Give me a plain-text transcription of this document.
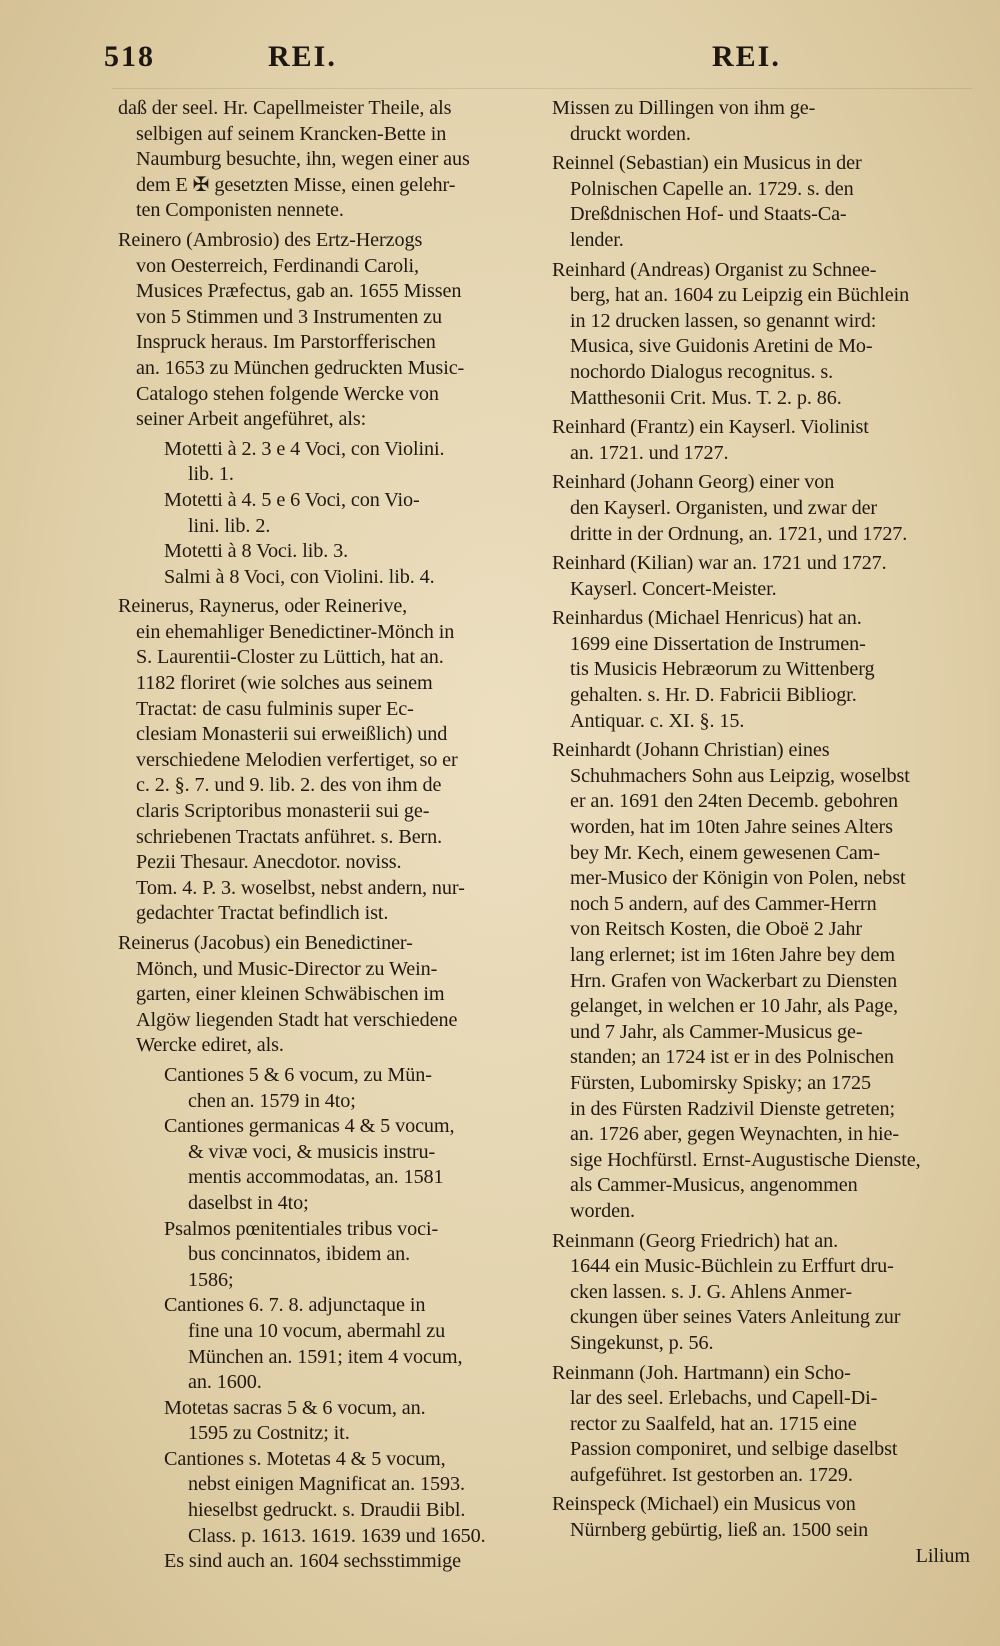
518	REI.	REI.
daß der seel. Hr. Capellmeister Theile, als
selbigen auf seinem Krancken-Bette in
Naumburg besuchte, ihn, wegen einer aus
dem E ✠ gesetzten Misse, einen gelehr-
ten Componisten nennete.
Reinero (Ambrosio) des Ertz-Herzogs
von Oesterreich, Ferdinandi Caroli,
Musices Præfectus, gab an. 1655 Missen
von 5 Stimmen und 3 Instrumenten zu
Inspruck heraus. Im Parstorfferischen
an. 1653 zu München gedruckten Music-
Catalogo stehen folgende Wercke von
seiner Arbeit angeführet, als:
Motetti à 2. 3 e 4 Voci, con Violini.
lib. 1.
Motetti à 4. 5 e 6 Voci, con Vio-
lini. lib. 2.
Motetti à 8 Voci. lib. 3.
Salmi à 8 Voci, con Violini. lib. 4.
Reinerus, Raynerus, oder Reinerive,
ein ehemahliger Benedictiner-Mönch in
S. Laurentii-Closter zu Lüttich, hat an.
1182 floriret (wie solches aus seinem
Tractat: de casu fulminis super Ec-
clesiam Monasterii sui erweißlich) und
verschiedene Melodien verfertiget, so er
c. 2. §. 7. und 9. lib. 2. des von ihm de
claris Scriptoribus monasterii sui ge-
schriebenen Tractats anführet. s. Bern.
Pezii Thesaur. Anecdotor. noviss.
Tom. 4. P. 3. woselbst, nebst andern, nur-
gedachter Tractat befindlich ist.
Reinerus (Jacobus) ein Benedictiner-
Mönch, und Music-Director zu Wein-
garten, einer kleinen Schwäbischen im
Algöw liegenden Stadt hat verschiedene
Wercke ediret, als.
Cantiones 5 & 6 vocum, zu Mün-
chen an. 1579 in 4to;
Cantiones germanicas 4 & 5 vocum,
& vivæ voci, & musicis instru-
mentis accommodatas, an. 1581
daselbst in 4to;
Psalmos pœnitentiales tribus voci-
bus concinnatos, ibidem an.
1586;
Cantiones 6. 7. 8. adjunctaque in
fine una 10 vocum, abermahl zu
München an. 1591; item 4 vocum,
an. 1600.
Motetas sacras 5 & 6 vocum, an.
1595 zu Costnitz; it.
Cantiones s. Motetas 4 & 5 vocum,
nebst einigen Magnificat an. 1593.
hieselbst gedruckt. s. Draudii Bibl.
Class. p. 1613. 1619. 1639 und 1650.
Es sind auch an. 1604 sechsstimmige
Missen zu Dillingen von ihm ge-
druckt worden.
Reinnel (Sebastian) ein Musicus in der
Polnischen Capelle an. 1729. s. den
Dreßdnischen Hof- und Staats-Ca-
lender.
Reinhard (Andreas) Organist zu Schnee-
berg, hat an. 1604 zu Leipzig ein Büchlein
in 12 drucken lassen, so genannt wird:
Musica, sive Guidonis Aretini de Mo-
nochordo Dialogus recognitus. s.
Matthesonii Crit. Mus. T. 2. p. 86.
Reinhard (Frantz) ein Kayserl. Violinist
an. 1721. und 1727.
Reinhard (Johann Georg) einer von
den Kayserl. Organisten, und zwar der
dritte in der Ordnung, an. 1721, und 1727.
Reinhard (Kilian) war an. 1721 und 1727.
Kayserl. Concert-Meister.
Reinhardus (Michael Henricus) hat an.
1699 eine Dissertation de Instrumen-
tis Musicis Hebræorum zu Wittenberg
gehalten. s. Hr. D. Fabricii Bibliogr.
Antiquar. c. XI. §. 15.
Reinhardt (Johann Christian) eines
Schuhmachers Sohn aus Leipzig, woselbst
er an. 1691 den 24ten Decemb. gebohren
worden, hat im 10ten Jahre seines Alters
bey Mr. Kech, einem gewesenen Cam-
mer-Musico der Königin von Polen, nebst
noch 5 andern, auf des Cammer-Herrn
von Reitsch Kosten, die Oboë 2 Jahr
lang erlernet; ist im 16ten Jahre bey dem
Hrn. Grafen von Wackerbart zu Diensten
gelanget, in welchen er 10 Jahr, als Page,
und 7 Jahr, als Cammer-Musicus ge-
standen; an 1724 ist er in des Polnischen
Fürsten, Lubomirsky Spisky; an 1725
in des Fürsten Radzivil Dienste getreten;
an. 1726 aber, gegen Weynachten, in hie-
sige Hochfürstl. Ernst-Augustische Dienste,
als Cammer-Musicus, angenommen
worden.
Reinmann (Georg Friedrich) hat an.
1644 ein Music-Büchlein zu Erffurt dru-
cken lassen. s. J. G. Ahlens Anmer-
ckungen über seines Vaters Anleitung zur
Singekunst, p. 56.
Reinmann (Joh. Hartmann) ein Scho-
lar des seel. Erlebachs, und Capell-Di-
rector zu Saalfeld, hat an. 1715 eine
Passion componiret, und selbige daselbst
aufgeführet. Ist gestorben an. 1729.
Reinspeck (Michael) ein Musicus von
Nürnberg gebürtig, ließ an. 1500 sein
Lilium
